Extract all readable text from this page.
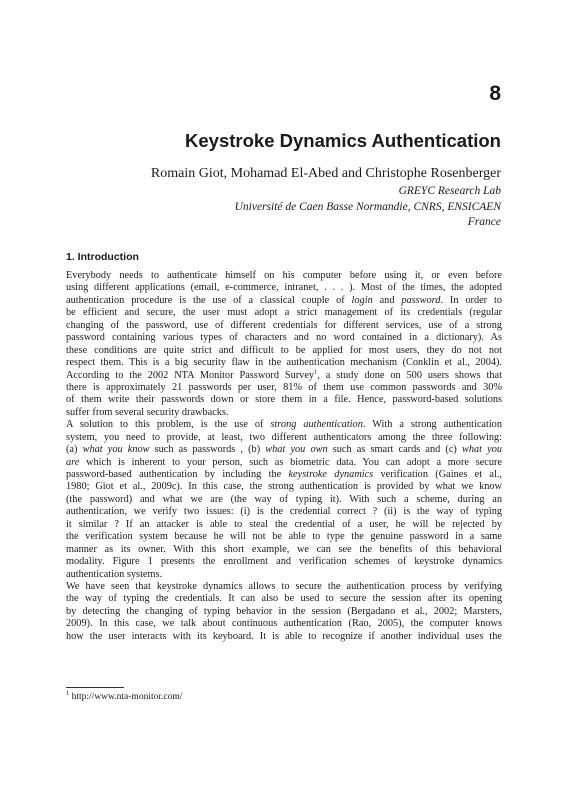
8

Keystroke Dynamics Authentication

Romain Giot, Mohamad El-Abed and Christophe Rosenberger

GREYC Research Lab

Université de Caen Basse Normandie, CNRS, ENSICAEN

France

1. Introduction

Everybody needs to authenticate himself on his computer before using it, or even before
using different applications (email, e-commerce, intranet, . . . ). Most of the times, the adopted
authentication procedure is the use of a classical couple of login and password. In order to
be efficient and secure, the user must adopt a strict management of its credentials (regular
changing of the password, use of different credentials for different services, use of a strong
password containing various types of characters and no word contained in a dictionary). As
these conditions are quite strict and difficult to be applied for most users, they do not not
respect them. This is a big security flaw in the authentication mechanism (Conklin et al., 2004).
According to the 2002 NTA Monitor Password Survey$^1$, a study done on 500 users shows that
there is approximately 21 passwords per user, 81% of them use common passwords and 30%
of them write their passwords down or store them in a file. Hence, password-based solutions
suffer from several security drawbacks.
A solution to this problem, is the use of strong authentication. With a strong authentication
system, you need to provide, at least, two different authenticators among the three following:
(a) what you know such as passwords , (b) what you own such as smart cards and (c) what you
are which is inherent to your person, such as biometric data. You can adopt a more secure
password-based authentication by including the keystroke dynamics verification (Gaines et al.,
1980; Giot et al., 2009c). In this case, the strong authentication is provided by what we know
(the password) and what we are (the way of typing it). With such a scheme, during an
authentication, we verify two issues: (i) is the credential correct ? (ii) is the way of typing
it similar ? If an attacker is able to steal the credential of a user, he will be rejected by
the verification system because he will not be able to type the genuine password in a same
manner as its owner. With this short example, we can see the benefits of this behavioral
modality. Figure 1 presents the enrollment and verification schemes of keystroke dynamics
authentication systems.
We have seen that keystroke dynamics allows to secure the authentication process by verifying
the way of typing the credentials. It can also be used to secure the session after its opening
by detecting the changing of typing behavior in the session (Bergadano et al., 2002; Marsters,
2009). In this case, we talk about continuous authentication (Rao, 2005), the computer knows
how the user interacts with its keyboard. It is able to recognize if another individual uses the
$^1$ http://www.nta-monitor.com/
